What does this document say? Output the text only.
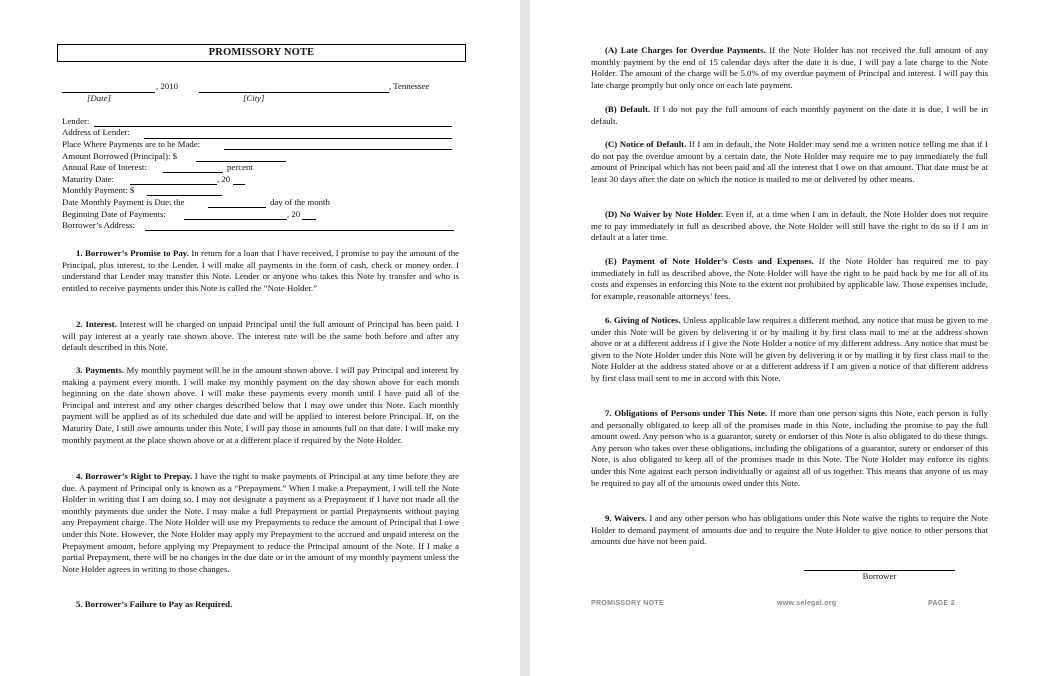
PROMISSORY NOTE
, 2010	, Tennessee
[Date]	[City]
Lender:
Address of Lender:
Place Where Payments are to be Made:
Amount Borrowed (Principal): $
Annual Rate of Interest:	percent
Maturity Date:	, 20
Monthly Payment: $
Date Monthly Payment is Due: the	day of the month
Beginning Date of Payments:	, 20
Borrower’s Address:
1. Borrower’s Promise to Pay. In return for a loan that I have received, I promise to pay the amount of the Principal, plus interest, to the Lender. I will make all payments in the form of cash, check or money order. I understand that Lender may transfer this Note. Lender or anyone who takes this Note by transfer and who is entitled to receive payments under this Note is called the “Note Holder.”
2. Interest. Interest will be charged on unpaid Principal until the full amount of Principal has been paid. I will pay interest at a yearly rate shown above. The interest rate will be the same both before and after any default described in this Note.
3. Payments. My monthly payment will be in the amount shown above. I will pay Principal and interest by making a payment every month. I will make my monthly payment on the day shown above for each month beginning on the date shown above. I will make these payments every month until I have paid all of the Principal and interest and any other charges described below that I may owe under this Note. Each monthly payment will be applied as of its scheduled due date and will be applied to interest before Principal. If, on the Maturity Date, I still owe amounts under this Note, I will pay those in amounts full on that date. I will make my monthly payment at the place shown above or at a different place if required by the Note Holder.
4. Borrower’s Right to Prepay. I have the right to make payments of Principal at any time before they are due. A payment of Principal only is known as a “Prepayment.” When I make a Prepayment, I will tell the Note Holder in writing that I am doing so. I may not designate a payment as a Prepayment if I have not made all the monthly payments due under the Note. I may make a full Prepayment or partial Prepayments without paying any Prepayment charge. The Note Holder will use my Prepayments to reduce the amount of Principal that I owe under this Note. However, the Note Holder may apply my Prepayment to the accrued and unpaid interest on the Prepayment amount, before applying my Prepayment to reduce the Principal amount of the Note. If I make a partial Prepayment, there will be no changes in the due date or in the amount of my monthly payment unless the Note Holder agrees in writing to those changes.
5. Borrower’s Failure to Pay as Required.
(A) Late Charges for Overdue Payments. If the Note Holder has not received the full amount of any monthly payment by the end of 15 calendar days after the date it is due, I will pay a late charge to the Note Holder. The amount of the charge will be 5.0% of my overdue payment of Principal and interest. I will pay this late charge promptly but only once on each late payment.
(B) Default. If I do not pay the full amount of each monthly payment on the date it is due, I will be in default.
(C) Notice of Default. If I am in default, the Note Holder may send me a written notice telling me that if I do not pay the overdue amount by a certain date, the Note Holder may require me to pay immediately the full amount of Principal which has not been paid and all the interest that I owe on that amount. That date must be at least 30 days after the date on which the notice is mailed to me or delivered by other means.
(D) No Waiver by Note Holder. Even if, at a time when I am in default, the Note Holder does not require me to pay immediately in full as described above, the Note Holder will still have the right to do so if I am in default at a later time.
(E) Payment of Note Holder’s Costs and Expenses. If the Note Holder has required me to pay immediately in full as described above, the Note Holder will have the right to be paid back by me for all of its costs and expenses in enforcing this Note to the extent not prohibited by applicable law. Those expenses include, for example, reasonable attorneys’ fees.
6. Giving of Notices. Unless applicable law requires a different method, any notice that must be given to me under this Note will be given by delivering it or by mailing it by first class mail to me at the address shown above or at a different address if I give the Note Holder a notice of my different address. Any notice that must be given to the Note Holder under this Note will be given by delivering it or by mailing it by first class mail to the Note Holder at the address stated above or at a different address if I am given a notice of that different address by first class mail sent to me in accord with this Note.
7. Obligations of Persons under This Note. If more than one person signs this Note, each person is fully and personally obligated to keep all of the promises made in this Note, including the promise to pay the full amount owed. Any person who is a guarantor, surety or endorser of this Note is also obligated to do these things. Any person who takes over these obligations, including the obligations of a guarantor, surety or endorser of this Note, is also obligated to keep all of the promises made in this Note. The Note Holder may enforce its rights under this Note against each person individually or against all of us together. This means that anyone of us may be required to pay all of the amounts owed under this Note.
9. Waivers. I and any other person who has obligations under this Note waive the rights to require the Note Holder to demand payment of amounts due and to require the Note Holder to give notice to other persons that amounts due have not been paid.
Borrower
PROMISSORY NOTE	www.selegal.org	PAGE 2
